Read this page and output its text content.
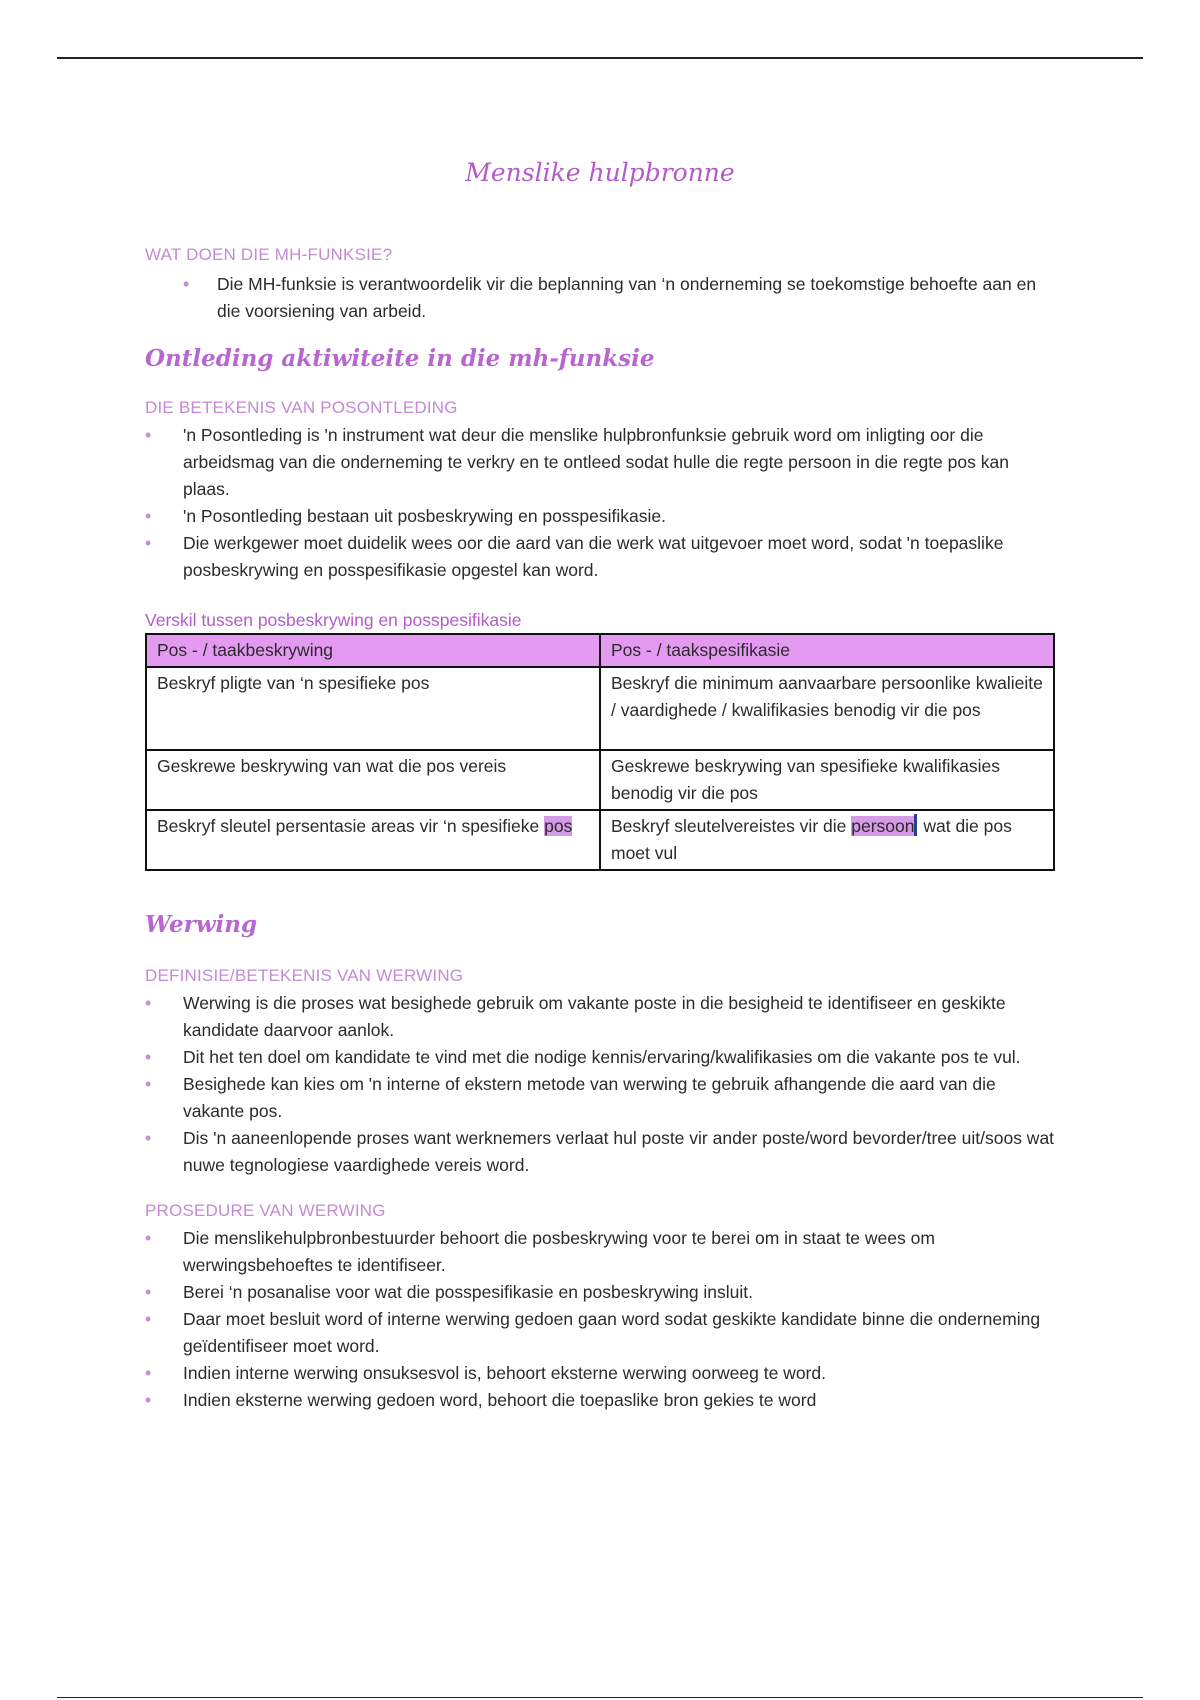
Menslike hulpbronne

WAT DOEN DIE MH-FUNKSIE?

• Die MH-funksie is verantwoordelik vir die beplanning van ‘n onderneming se toekomstige behoefte aan en die voorsiening van arbeid.

Ontleding aktiwiteite in die mh-funksie

DIE BETEKENIS VAN POSONTLEDING

• 'n Posontleding is 'n instrument wat deur die menslike hulpbronfunksie gebruik word om inligting oor die arbeidsmag van die onderneming te verkry en te ontleed sodat hulle die regte persoon in die regte pos kan plaas.
• 'n Posontleding bestaan uit posbeskrywing en posspesifikasie.
• Die werkgewer moet duidelik wees oor die aard van die werk wat uitgevoer moet word, sodat 'n toepaslike posbeskrywing en posspesifikasie opgestel kan word.

Verskil tussen posbeskrywing en posspesifikasie

Pos - / taakbeskrywing	Pos - / taakspesifikasie
Beskryf pligte van ‘n spesifieke pos	Beskryf die minimum aanvaarbare persoonlike kwalieite / vaardighede / kwalifikasies benodig vir die pos
Geskrewe beskrywing van wat die pos vereis	Geskrewe beskrywing van spesifieke kwalifikasies benodig vir die pos
Beskryf sleutel persentasie areas vir ‘n spesifieke pos	Beskryf sleutelvereistes vir die persoon wat die pos moet vul

Werwing

DEFINISIE/BETEKENIS VAN WERWING

• Werwing is die proses wat besighede gebruik om vakante poste in die besigheid te identifiseer en geskikte kandidate daarvoor aanlok.
• Dit het ten doel om kandidate te vind met die nodige kennis/ervaring/kwalifikasies om die vakante pos te vul.
• Besighede kan kies om 'n interne of ekstern metode van werwing te gebruik afhangende die aard van die vakante pos.
• Dis 'n aaneenlopende proses want werknemers verlaat hul poste vir ander poste/word bevorder/tree uit/soos wat nuwe tegnologiese vaardighede vereis word.

PROSEDURE VAN WERWING

• Die menslikehulpbronbestuurder behoort die posbeskrywing voor te berei om in staat te wees om werwingsbehoeftes te identifiseer.
• Berei ‘n posanalise voor wat die posspesifikasie en posbeskrywing insluit.
• Daar moet besluit word of interne werwing gedoen gaan word sodat geskikte kandidate binne die onderneming geïdentifiseer moet word.
• Indien interne werwing onsuksesvol is, behoort eksterne werwing oorweeg te word.
• Indien eksterne werwing gedoen word, behoort die toepaslike bron gekies te word
